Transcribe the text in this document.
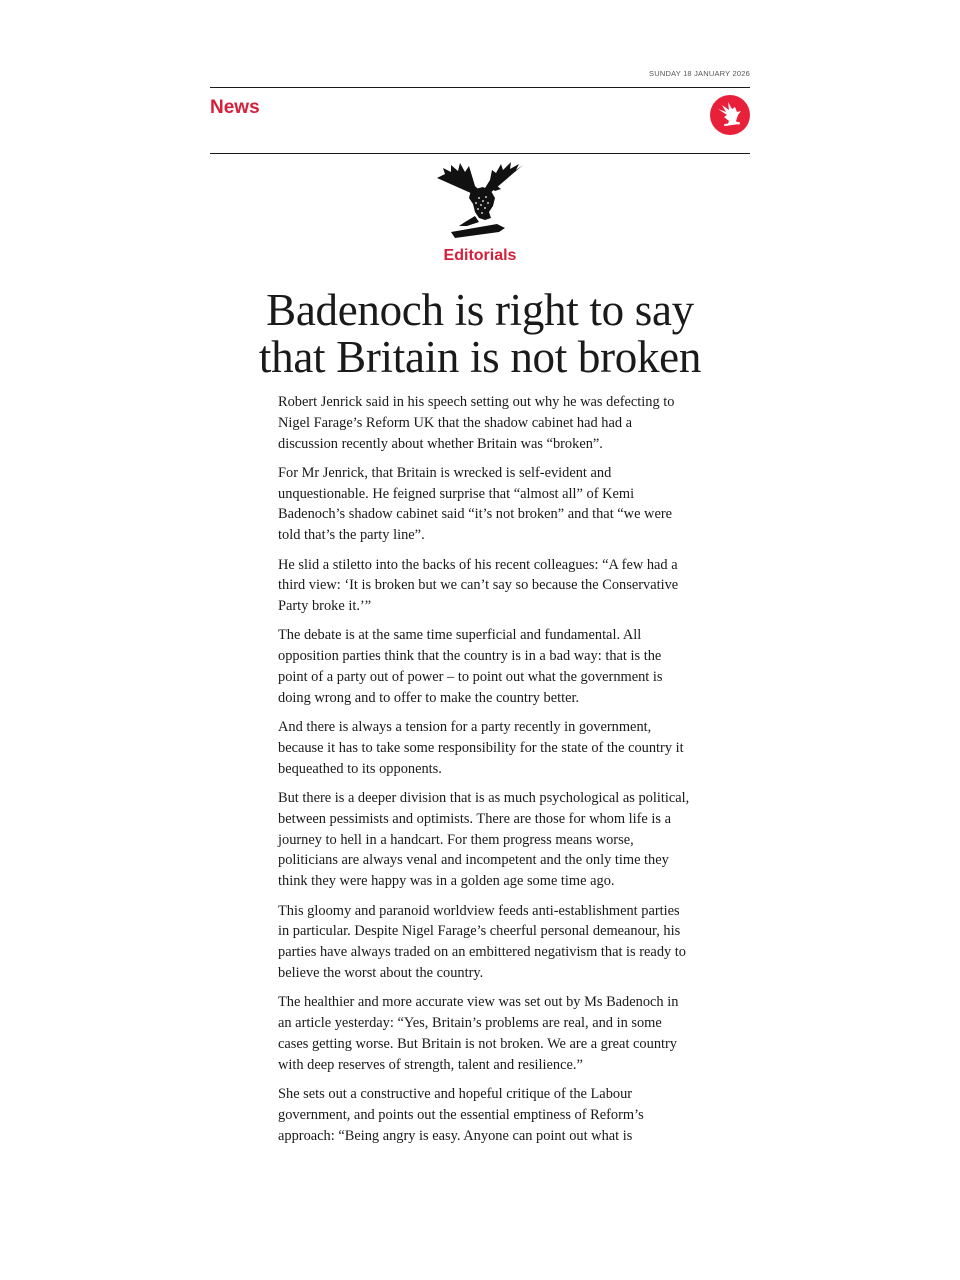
SUNDAY 18 JANUARY 2026
News
Editorials
Badenoch is right to say
that Britain is not broken

Robert Jenrick said in his speech setting out why he was defecting to Nigel Farage’s Reform UK that the shadow cabinet had had a discussion recently about whether Britain was “broken”.

For Mr Jenrick, that Britain is wrecked is self-evident and unquestionable. He feigned surprise that “almost all” of Kemi Badenoch’s shadow cabinet said “it’s not broken” and that “we were told that’s the party line”.

He slid a stiletto into the backs of his recent colleagues: “A few had a third view: ‘It is broken but we can’t say so because the Conservative Party broke it.’”

The debate is at the same time superficial and fundamental. All opposition parties think that the country is in a bad way: that is the point of a party out of power – to point out what the government is doing wrong and to offer to make the country better.

And there is always a tension for a party recently in government, because it has to take some responsibility for the state of the country it bequeathed to its opponents.

But there is a deeper division that is as much psychological as political, between pessimists and optimists. There are those for whom life is a journey to hell in a handcart. For them progress means worse, politicians are always venal and incompetent and the only time they think they were happy was in a golden age some time ago.

This gloomy and paranoid worldview feeds anti-establishment parties in particular. Despite Nigel Farage’s cheerful personal demeanour, his parties have always traded on an embittered negativism that is ready to believe the worst about the country.

The healthier and more accurate view was set out by Ms Badenoch in an article yesterday: “Yes, Britain’s problems are real, and in some cases getting worse. But Britain is not broken. We are a great country with deep reserves of strength, talent and resilience.”

She sets out a constructive and hopeful critique of the Labour government, and points out the essential emptiness of Reform’s approach: “Being angry is easy. Anyone can point out what is
